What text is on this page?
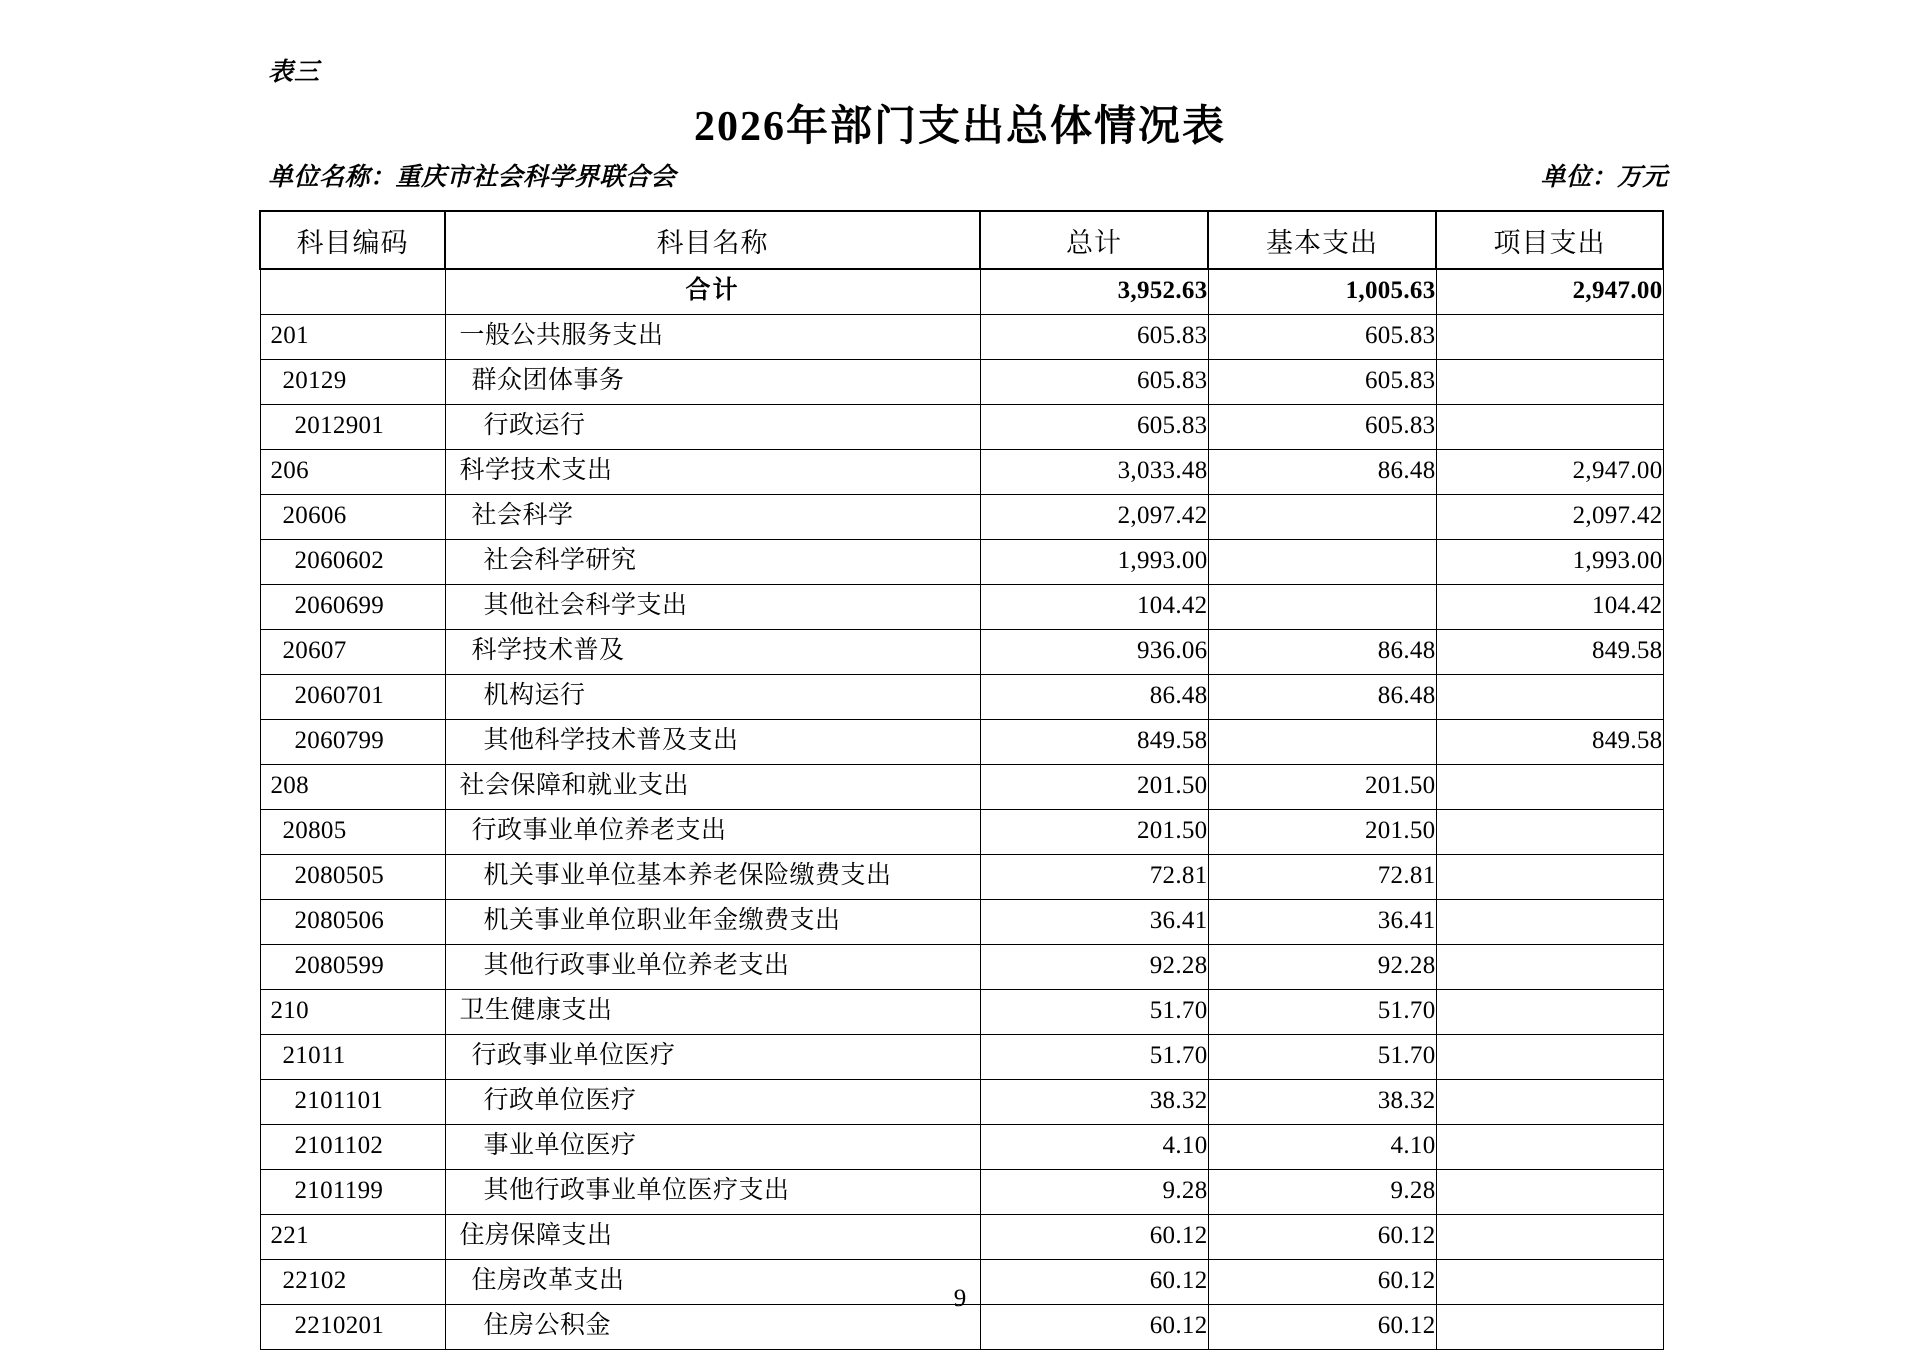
表三
2026年部门支出总体情况表
单位名称：重庆市社会科学界联合会	单位：万元
科目编码	科目名称	总计	基本支出	项目支出
	合计	3,952.63	1,005.63	2,947.00
201	一般公共服务支出	605.83	605.83	
20129	群众团体事务	605.83	605.83	
2012901	行政运行	605.83	605.83	
206	科学技术支出	3,033.48	86.48	2,947.00
20606	社会科学	2,097.42		2,097.42
2060602	社会科学研究	1,993.00		1,993.00
2060699	其他社会科学支出	104.42		104.42
20607	科学技术普及	936.06	86.48	849.58
2060701	机构运行	86.48	86.48	
2060799	其他科学技术普及支出	849.58		849.58
208	社会保障和就业支出	201.50	201.50	
20805	行政事业单位养老支出	201.50	201.50	
2080505	机关事业单位基本养老保险缴费支出	72.81	72.81	
2080506	机关事业单位职业年金缴费支出	36.41	36.41	
2080599	其他行政事业单位养老支出	92.28	92.28	
210	卫生健康支出	51.70	51.70	
21011	行政事业单位医疗	51.70	51.70	
2101101	行政单位医疗	38.32	38.32	
2101102	事业单位医疗	4.10	4.10	
2101199	其他行政事业单位医疗支出	9.28	9.28	
221	住房保障支出	60.12	60.12	
22102	住房改革支出	60.12	60.12	
2210201	住房公积金	60.12	60.12	
9
